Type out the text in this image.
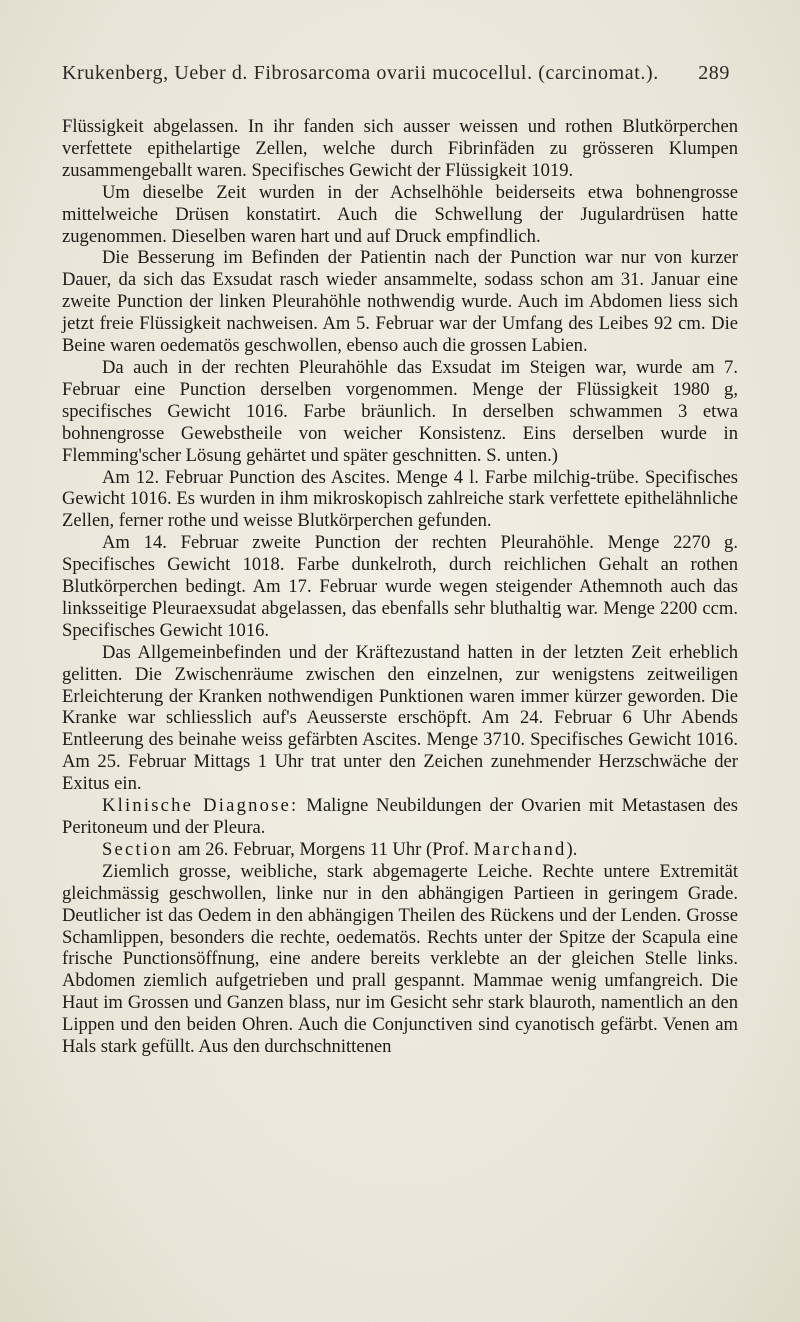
Krukenberg, Ueber d. Fibrosarcoma ovarii mucocellul. (carcinomat.). 289

Flüssigkeit abgelassen. In ihr fanden sich ausser weissen und rothen Blutkörperchen verfettete epithelartige Zellen, welche durch Fibrinfäden zu grösseren Klumpen zusammengeballt waren. Specifisches Gewicht der Flüssigkeit 1019.

Um dieselbe Zeit wurden in der Achselhöhle beiderseits etwa bohnengrosse mittelweiche Drüsen konstatirt. Auch die Schwellung der Jugulardrüsen hatte zugenommen. Dieselben waren hart und auf Druck empfindlich.

Die Besserung im Befinden der Patientin nach der Punction war nur von kurzer Dauer, da sich das Exsudat rasch wieder ansammelte, sodass schon am 31. Januar eine zweite Punction der linken Pleurahöhle nothwendig wurde. Auch im Abdomen liess sich jetzt freie Flüssigkeit nachweisen. Am 5. Februar war der Umfang des Leibes 92 cm. Die Beine waren oedematös geschwollen, ebenso auch die grossen Labien.

Da auch in der rechten Pleurahöhle das Exsudat im Steigen war, wurde am 7. Februar eine Punction derselben vorgenommen. Menge der Flüssigkeit 1980 g, specifisches Gewicht 1016. Farbe bräunlich. In derselben schwammen 3 etwa bohnengrosse Gewebstheile von weicher Konsistenz. Eins derselben wurde in Flemming'scher Lösung gehärtet und später geschnitten. S. unten.)

Am 12. Februar Punction des Ascites. Menge 4 l. Farbe milchig-trübe. Specifisches Gewicht 1016. Es wurden in ihm mikroskopisch zahlreiche stark verfettete epithelähnliche Zellen, ferner rothe und weisse Blutkörperchen gefunden.

Am 14. Februar zweite Punction der rechten Pleurahöhle. Menge 2270 g. Specifisches Gewicht 1018. Farbe dunkelroth, durch reichlichen Gehalt an rothen Blutkörperchen bedingt. Am 17. Februar wurde wegen steigender Athemnoth auch das linksseitige Pleuraexsudat abgelassen, das ebenfalls sehr bluthaltig war. Menge 2200 ccm. Specifisches Gewicht 1016.

Das Allgemeinbefinden und der Kräftezustand hatten in der letzten Zeit erheblich gelitten. Die Zwischenräume zwischen den einzelnen, zur wenigstens zeitweiligen Erleichterung der Kranken nothwendigen Punktionen waren immer kürzer geworden. Die Kranke war schliesslich auf's Aeusserste erschöpft. Am 24. Februar 6 Uhr Abends Entleerung des beinahe weiss gefärbten Ascites. Menge 3710. Specifisches Gewicht 1016. Am 25. Februar Mittags 1 Uhr trat unter den Zeichen zunehmender Herzschwäche der Exitus ein.

Klinische Diagnose: Maligne Neubildungen der Ovarien mit Metastasen des Peritoneum und der Pleura.

Section am 26. Februar, Morgens 11 Uhr (Prof. Marchand).

Ziemlich grosse, weibliche, stark abgemagerte Leiche. Rechte untere Extremität gleichmässig geschwollen, linke nur in den abhängigen Partieen in geringem Grade. Deutlicher ist das Oedem in den abhängigen Theilen des Rückens und der Lenden. Grosse Schamlippen, besonders die rechte, oedematös. Rechts unter der Spitze der Scapula eine frische Punctionsöffnung, eine andere bereits verklebte an der gleichen Stelle links. Abdomen ziemlich aufgetrieben und prall gespannt. Mammae wenig umfangreich. Die Haut im Grossen und Ganzen blass, nur im Gesicht sehr stark blauroth, namentlich an den Lippen und den beiden Ohren. Auch die Conjunctiven sind cyanotisch gefärbt. Venen am Hals stark gefüllt. Aus den durchschnittenen
